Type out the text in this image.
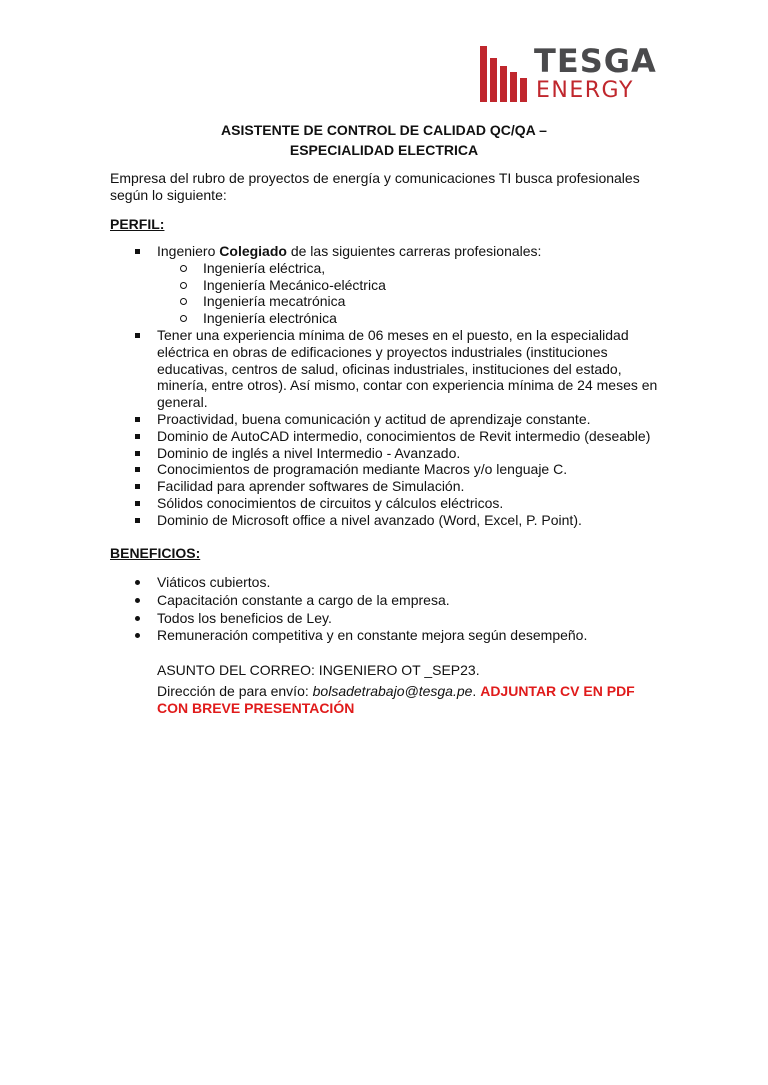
TESGA
ENERGY
ASISTENTE DE CONTROL DE CALIDAD QC/QA –
ESPECIALIDAD ELECTRICA
Empresa del rubro de proyectos de energía y comunicaciones TI busca profesionales según lo siguiente:
PERFIL:
Ingeniero Colegiado de las siguientes carreras profesionales:
Ingeniería eléctrica,
Ingeniería Mecánico-eléctrica
Ingeniería mecatrónica
Ingeniería electrónica
Tener una experiencia mínima de 06 meses en el puesto, en la especialidad eléctrica en obras de edificaciones y proyectos industriales (instituciones educativas, centros de salud, oficinas industriales, instituciones del estado, minería, entre otros). Así mismo, contar con experiencia mínima de 24 meses en general.
Proactividad, buena comunicación y actitud de aprendizaje constante.
Dominio de AutoCAD intermedio, conocimientos de Revit intermedio (deseable)
Dominio de inglés a nivel Intermedio - Avanzado.
Conocimientos de programación mediante Macros y/o lenguaje C.
Facilidad para aprender softwares de Simulación.
Sólidos conocimientos de circuitos y cálculos eléctricos.
Dominio de Microsoft office a nivel avanzado (Word, Excel, P. Point).
BENEFICIOS:
Viáticos cubiertos.
Capacitación constante a cargo de la empresa.
Todos los beneficios de Ley.
Remuneración competitiva y en constante mejora según desempeño.
ASUNTO DEL CORREO: INGENIERO OT _SEP23.
Dirección de para envío: bolsadetrabajo@tesga.pe. ADJUNTAR CV EN PDF CON BREVE PRESENTACIÓN
